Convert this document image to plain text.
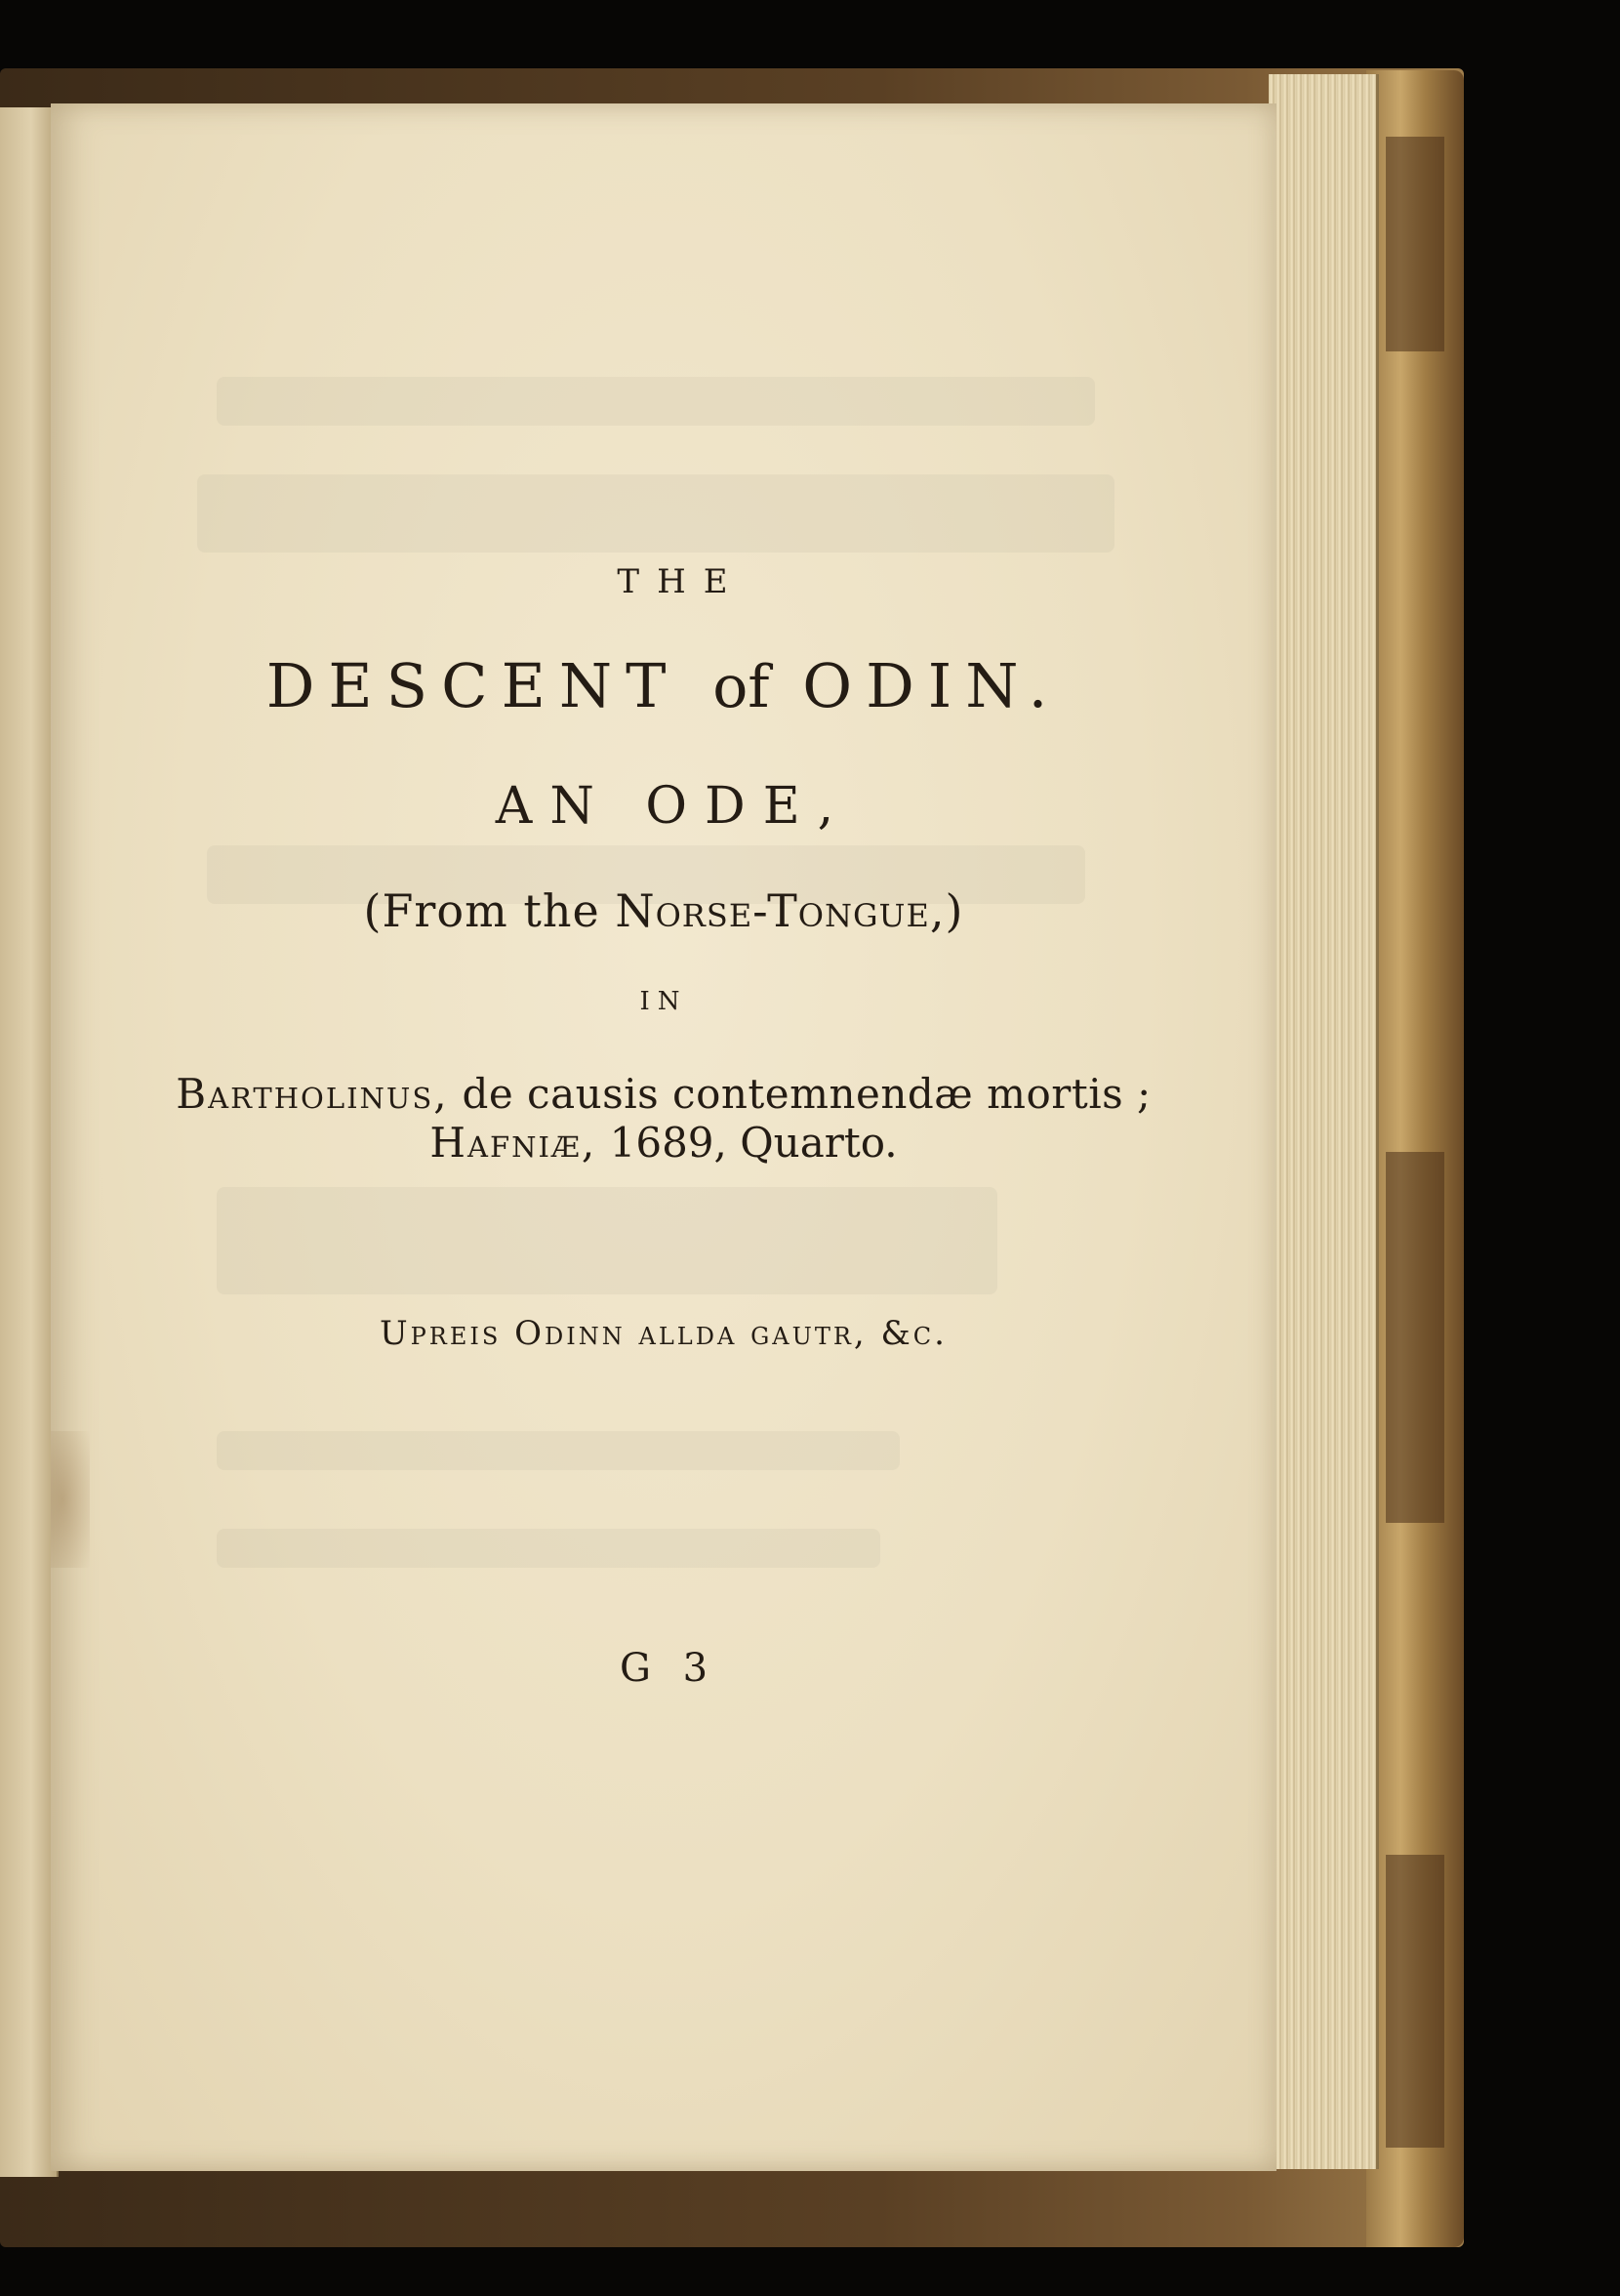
THE

DESCENT of ODIN.

AN ODE,

(From the Norse-Tongue,)

IN

Bartholinus, de causis contemnendæ mortis ;

Hafniæ, 1689, Quarto.

Upreis Odinn allda gautr, &c.

G 3
